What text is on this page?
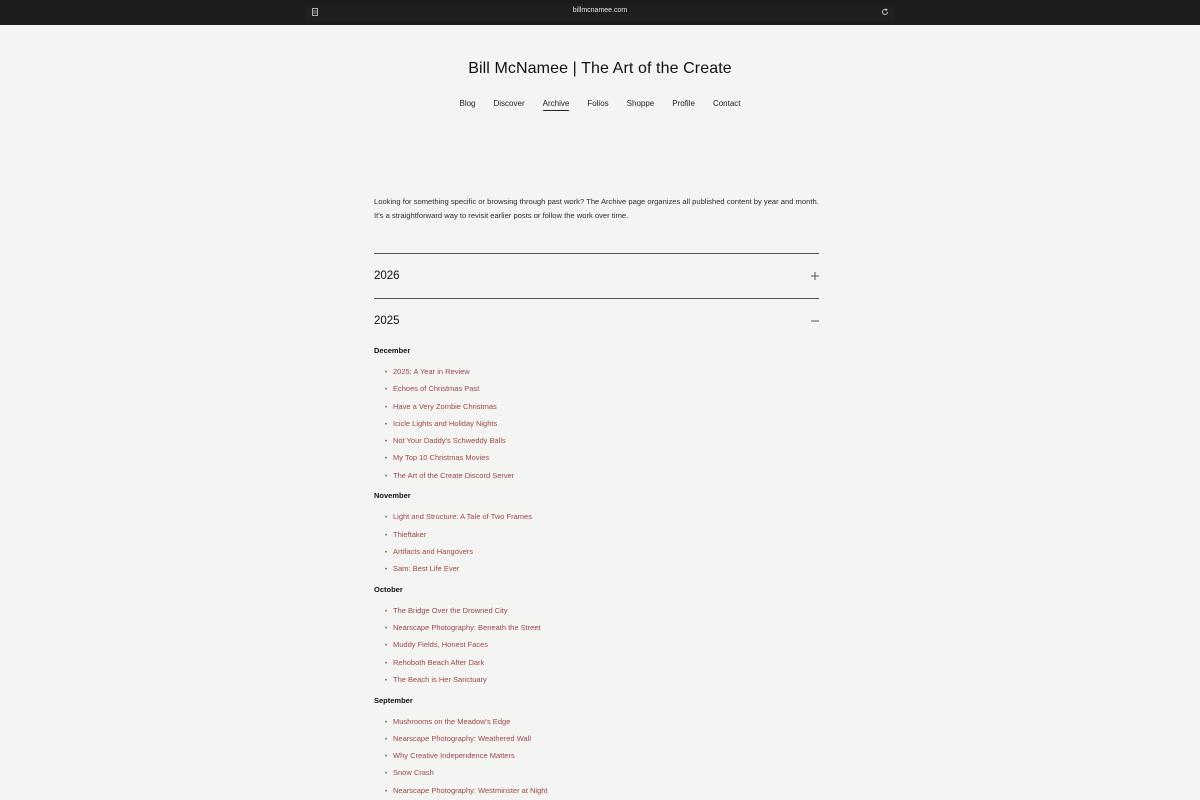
billmcnamee.com
Bill McNamee | The Art of the Create
Blog Discover Archive Folios Shoppe Profile Contact

Looking for something specific or browsing through past work? The Archive page organizes all published content by year and month. It's a straightforward way to revisit earlier posts or follow the work over time.

2026
2025
December
• 2025: A Year in Review
• Echoes of Christmas Past
• Have a Very Zombie Christmas
• Icicle Lights and Holiday Nights
• Not Your Daddy's Schweddy Balls
• My Top 10 Christmas Movies
• The Art of the Create Discord Server
November
• Light and Structure: A Tale of Two Frames
• Thieftaker
• Artifacts and Hangovers
• Sam: Best Life Ever
October
• The Bridge Over the Drowned City
• Nearscape Photography: Beneath the Street
• Muddy Fields, Honest Faces
• Rehoboth Beach After Dark
• The Beach is Her Sanctuary
September
• Mushrooms on the Meadow's Edge
• Nearscape Photography: Weathered Wall
• Why Creative Independence Matters
• Snow Crash
• Nearscape Photography: Westminster at Night
